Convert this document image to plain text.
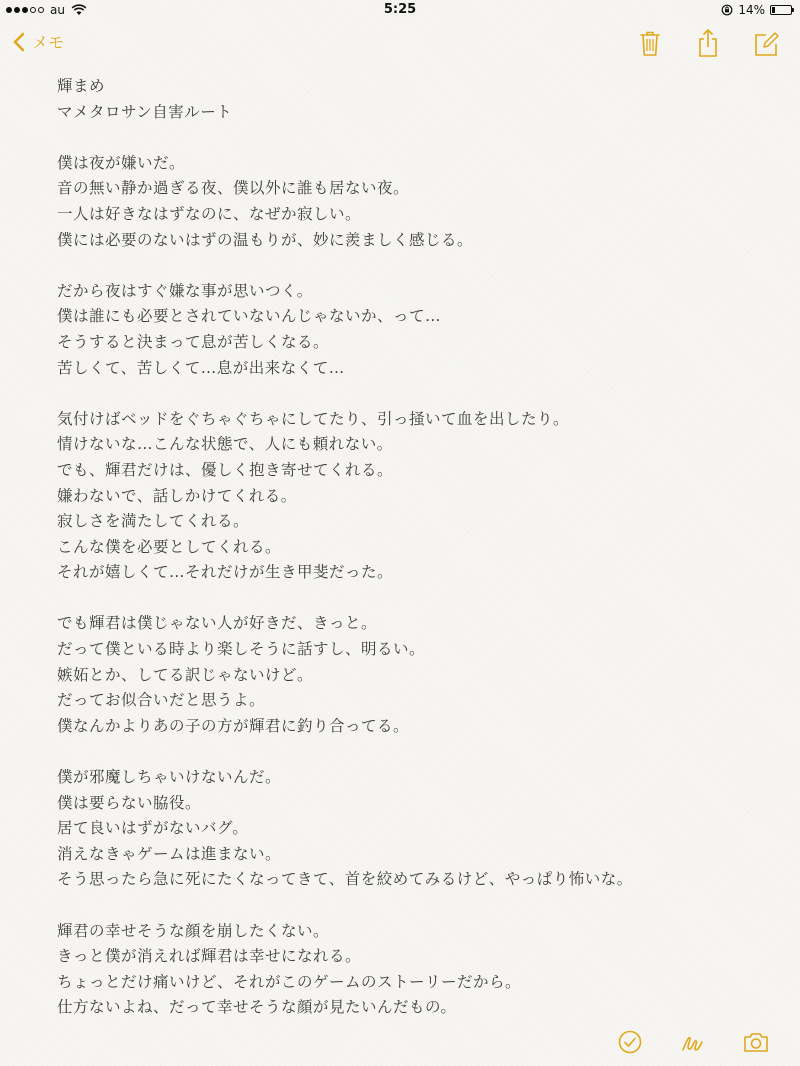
au	5:25	14%
メモ
輝まめ
マメタロサン自害ルート
僕は夜が嫌いだ。
音の無い静か過ぎる夜、僕以外に誰も居ない夜。
一人は好きなはずなのに、なぜか寂しい。
僕には必要のないはずの温もりが、妙に羨ましく感じる。
だから夜はすぐ嫌な事が思いつく。
僕は誰にも必要とされていないんじゃないか、って…
そうすると決まって息が苦しくなる。
苦しくて、苦しくて…息が出来なくて…
気付けばベッドをぐちゃぐちゃにしてたり、引っ掻いて血を出したり。
情けないな…こんな状態で、人にも頼れない。
でも、輝君だけは、優しく抱き寄せてくれる。
嫌わないで、話しかけてくれる。
寂しさを満たしてくれる。
こんな僕を必要としてくれる。
それが嬉しくて…それだけが生き甲斐だった。
でも輝君は僕じゃない人が好きだ、きっと。
だって僕といる時より楽しそうに話すし、明るい。
嫉妬とか、してる訳じゃないけど。
だってお似合いだと思うよ。
僕なんかよりあの子の方が輝君に釣り合ってる。
僕が邪魔しちゃいけないんだ。
僕は要らない脇役。
居て良いはずがないバグ。
消えなきゃゲームは進まない。
そう思ったら急に死にたくなってきて、首を絞めてみるけど、やっぱり怖いな。
輝君の幸せそうな顔を崩したくない。
きっと僕が消えれば輝君は幸せになれる。
ちょっとだけ痛いけど、それがこのゲームのストーリーだから。
仕方ないよね、だって幸せそうな顔が見たいんだもの。
